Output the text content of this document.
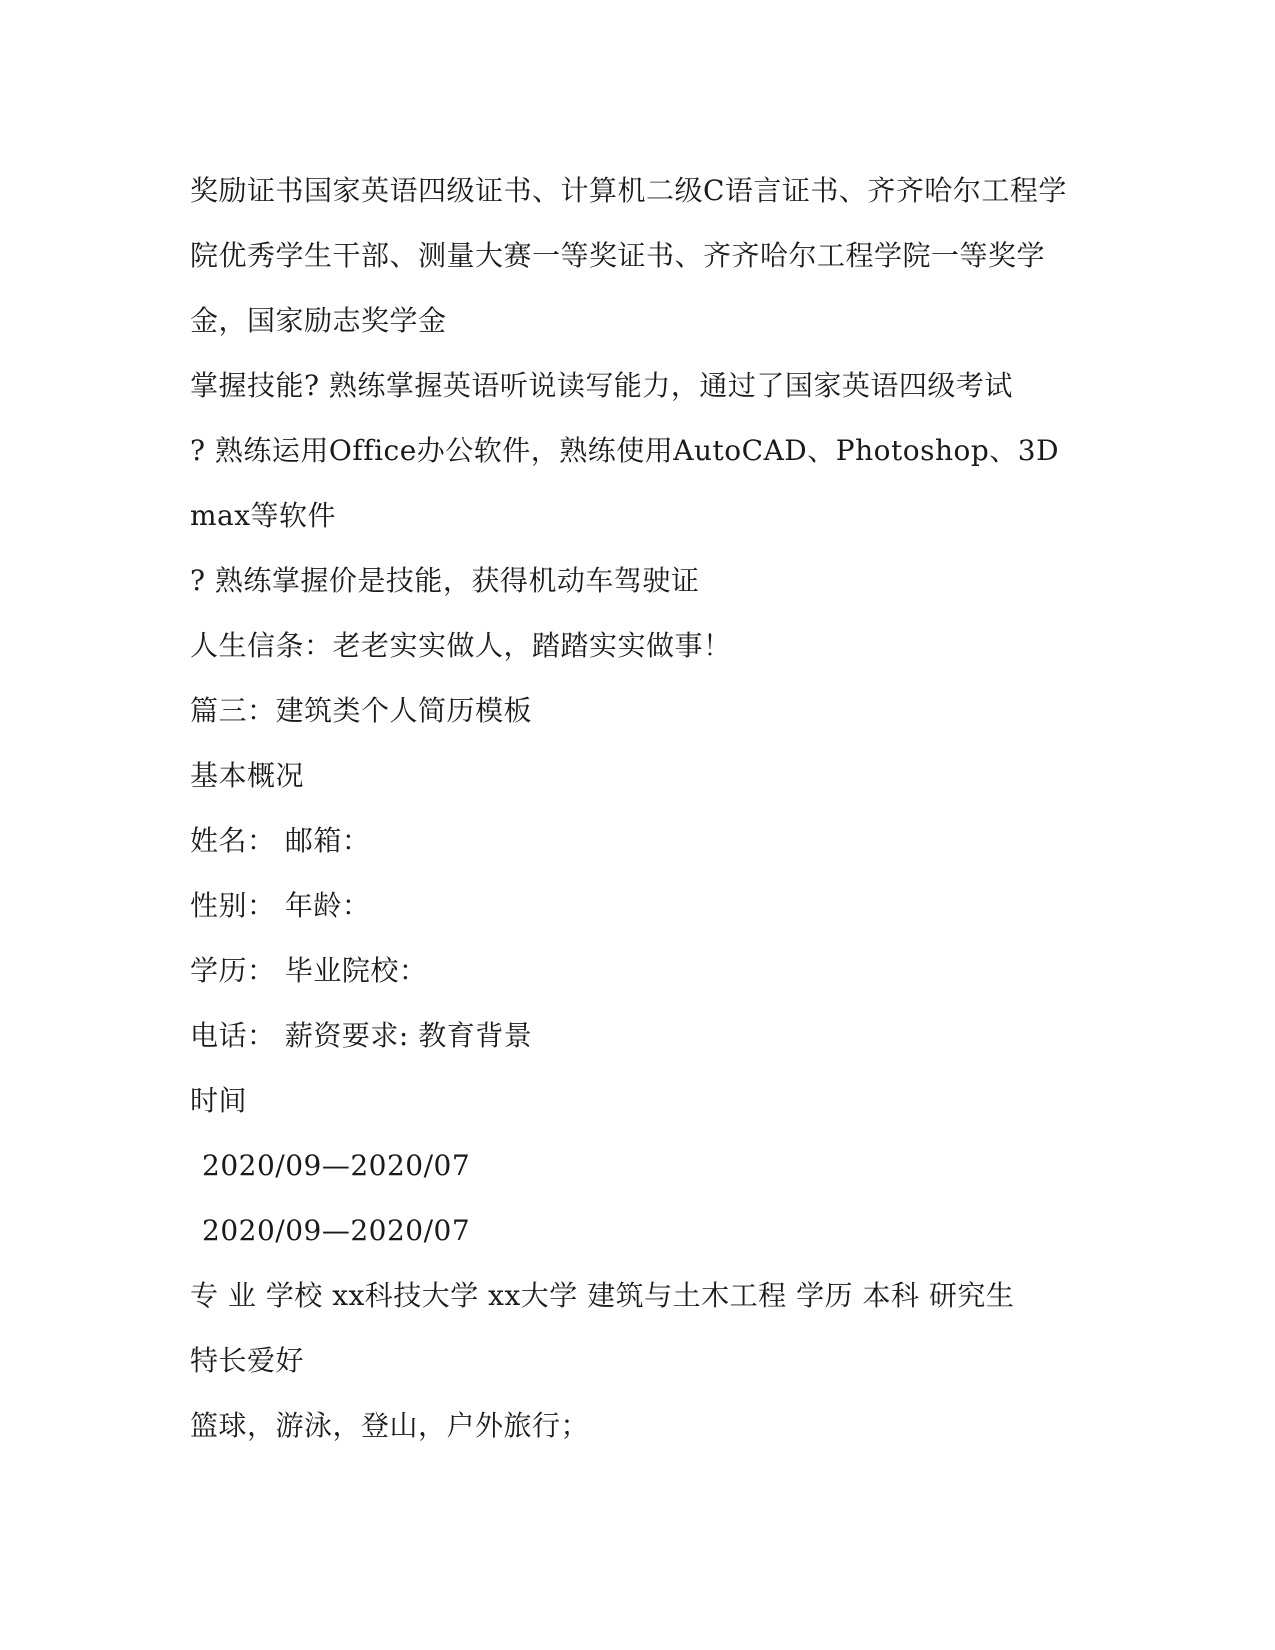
奖励证书国家英语四级证书、计算机二级C语言证书、齐齐哈尔工程学
院优秀学生干部、测量大赛一等奖证书、齐齐哈尔工程学院一等奖学
金，国家励志奖学金
掌握技能? 熟练掌握英语听说读写能力，通过了国家英语四级考试
? 熟练运用Office办公软件，熟练使用AutoCAD、Photoshop、3D
max等软件
? 熟练掌握价是技能，获得机动车驾驶证
人生信条：老老实实做人，踏踏实实做事！
篇三：建筑类个人简历模板
基本概况
姓名： 邮箱：
性别： 年龄：
学历： 毕业院校：
电话： 薪资要求: 教育背景
时间
2020/09—2020/07
2020/09—2020/07
专 业 学校 xx科技大学 xx大学 建筑与土木工程 学历 本科 研究生
特长爱好
篮球，游泳，登山，户外旅行；
